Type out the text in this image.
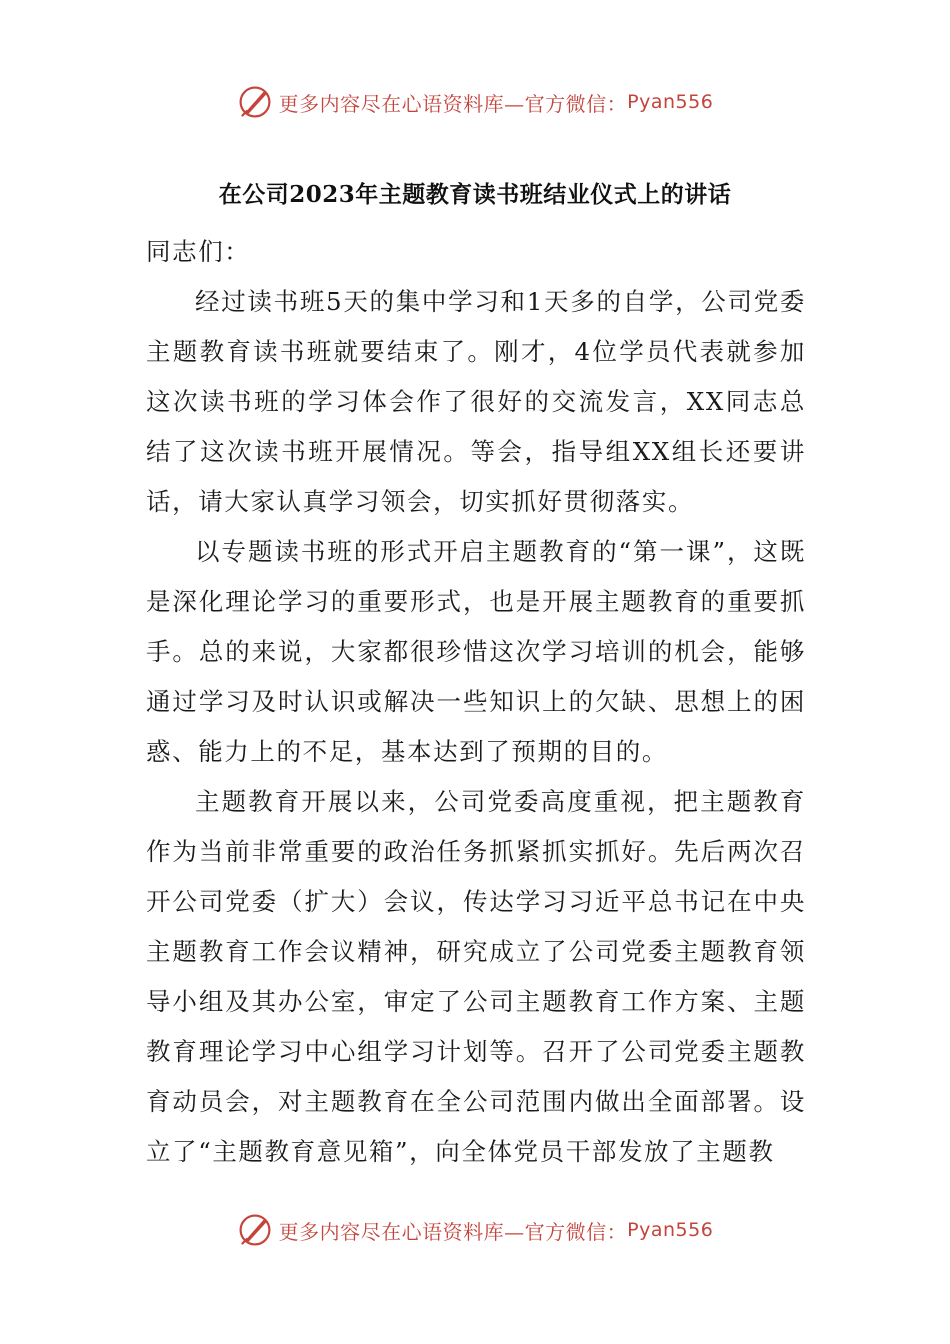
更多内容尽在心语资料库—官方微信： Pyan556
在公司2023年主题教育读书班结业仪式上的讲话

同志们：

经过读书班5天的集中学习和1天多的自学，公司党委主题教育读书班就要结束了。刚才，4位学员代表就参加这次读书班的学习体会作了很好的交流发言，XX同志总结了这次读书班开展情况。等会，指导组XX组长还要讲话，请大家认真学习领会，切实抓好贯彻落实。

以专题读书班的形式开启主题教育的“第一课”，这既是深化理论学习的重要形式，也是开展主题教育的重要抓手。总的来说，大家都很珍惜这次学习培训的机会，能够通过学习及时认识或解决一些知识上的欠缺、思想上的困惑、能力上的不足，基本达到了预期的目的。

主题教育开展以来，公司党委高度重视，把主题教育作为当前非常重要的政治任务抓紧抓实抓好。先后两次召开公司党委（扩大）会议，传达学习习近平总书记在中央主题教育工作会议精神，研究成立了公司党委主题教育领导小组及其办公室，审定了公司主题教育工作方案、主题教育理论学习中心组学习计划等。召开了公司党委主题教育动员会，对主题教育在全公司范围内做出全面部署。设立了“主题教育意见箱”，向全体党员干部发放了主题教

更多内容尽在心语资料库—官方微信： Pyan556
